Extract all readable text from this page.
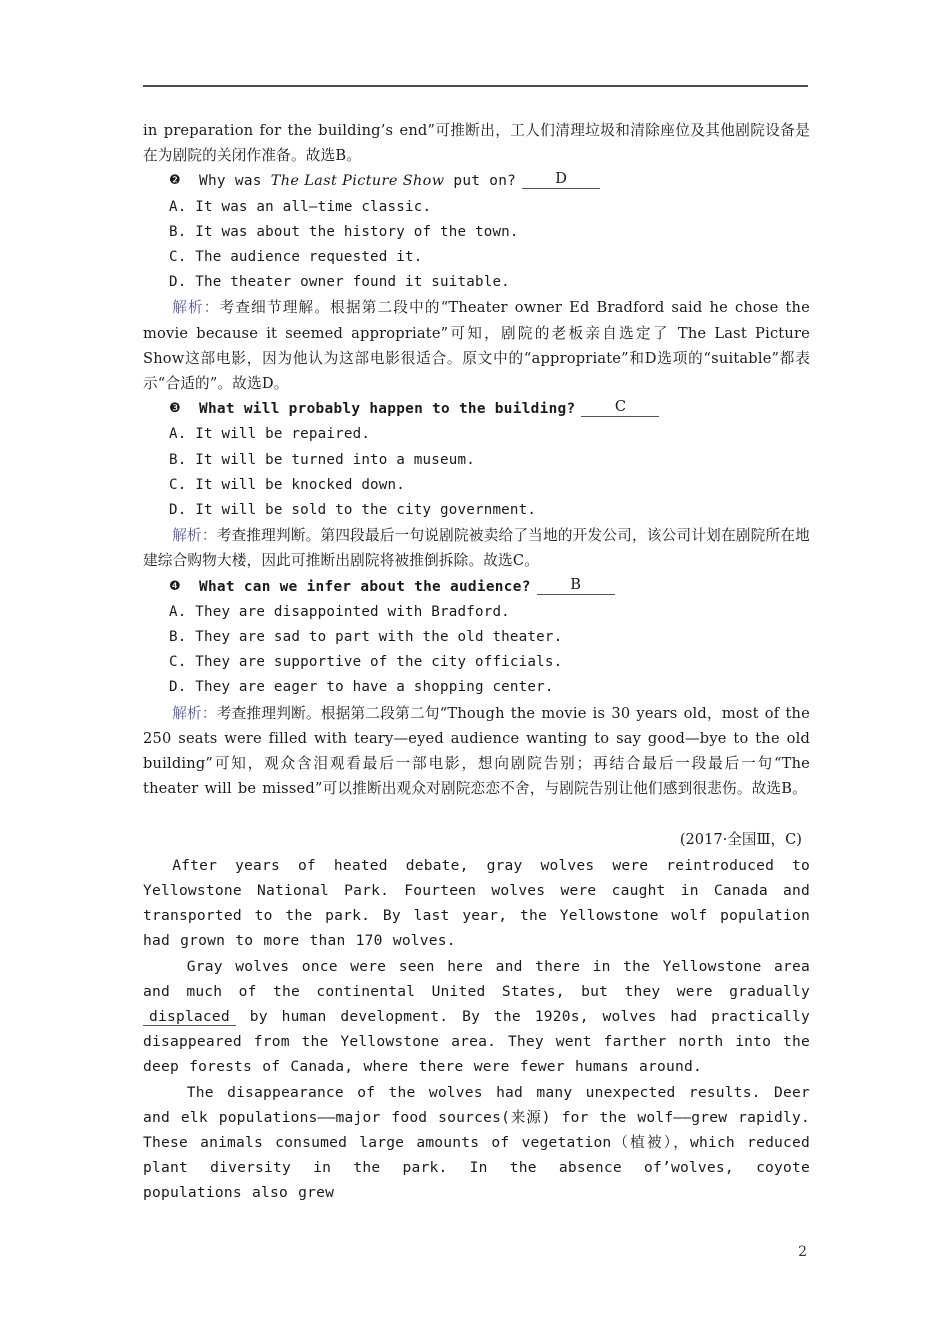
in preparation for the building’s end”可推断出，工人们清理垃圾和清除座位及其他剧院设备是在为剧院的关闭作准备。故选B。

❷ Why was The Last Picture Show put on?	D

A. It was an all—time classic.

B. It was about the history of the town.

C. The audience requested it.

D. The theater owner found it suitable.

解析：考查细节理解。根据第二段中的“Theater owner Ed Bradford said he chose the movie because it seemed appropriate”可知，剧院的老板亲自选定了 The Last Picture Show这部电影，因为他认为这部电影很适合。原文中的“appropriate”和D选项的“suitable”都表示“合适的”。故选D。

❸ What will probably happen to the building?	C

A. It will be repaired.

B. It will be turned into a museum.

C. It will be knocked down.

D. It will be sold to the city government.

解析：考查推理判断。第四段最后一句说剧院被卖给了当地的开发公司，该公司计划在剧院所在地建综合购物大楼，因此可推断出剧院将被推倒拆除。故选C。

❹ What can we infer about the audience?	B

A. They are disappointed with Bradford.

B. They are sad to part with the old theater.

C. They are supportive of the city officials.

D. They are eager to have a shopping center.

解析：考查推理判断。根据第二段第二句“Though the movie is 30 years old，most of the 250 seats were filled with teary—eyed audience wanting to say good—bye to the old building”可知，观众含泪观看最后一部电影，想向剧院告别；再结合最后一段最后一句“The theater will be missed”可以推断出观众对剧院恋恋不舍，与剧院告别让他们感到很悲伤。故选B。

(2017·全国Ⅲ，C)

After years of heated debate, gray wolves were reintroduced to Yellowstone National Park. Fourteen wolves were caught in Canada and transported to the park. By last year, the Yellowstone wolf population had grown to more than 170 wolves.

Gray wolves once were seen here and there in the Yellowstone area and much of the continental United States, but they were gradually displaced by human development. By the 1920s, wolves had practically disappeared from the Yellowstone area. They went farther north into the deep forests of Canada, where there were fewer humans around.

The disappearance of the wolves had many unexpected results. Deer and elk populations——major food sources(来源) for the wolf——grew rapidly. These animals consumed large amounts of vegetation（植被），which reduced plant diversity in the park. In the absence of’wolves, coyote populations also grew

2
